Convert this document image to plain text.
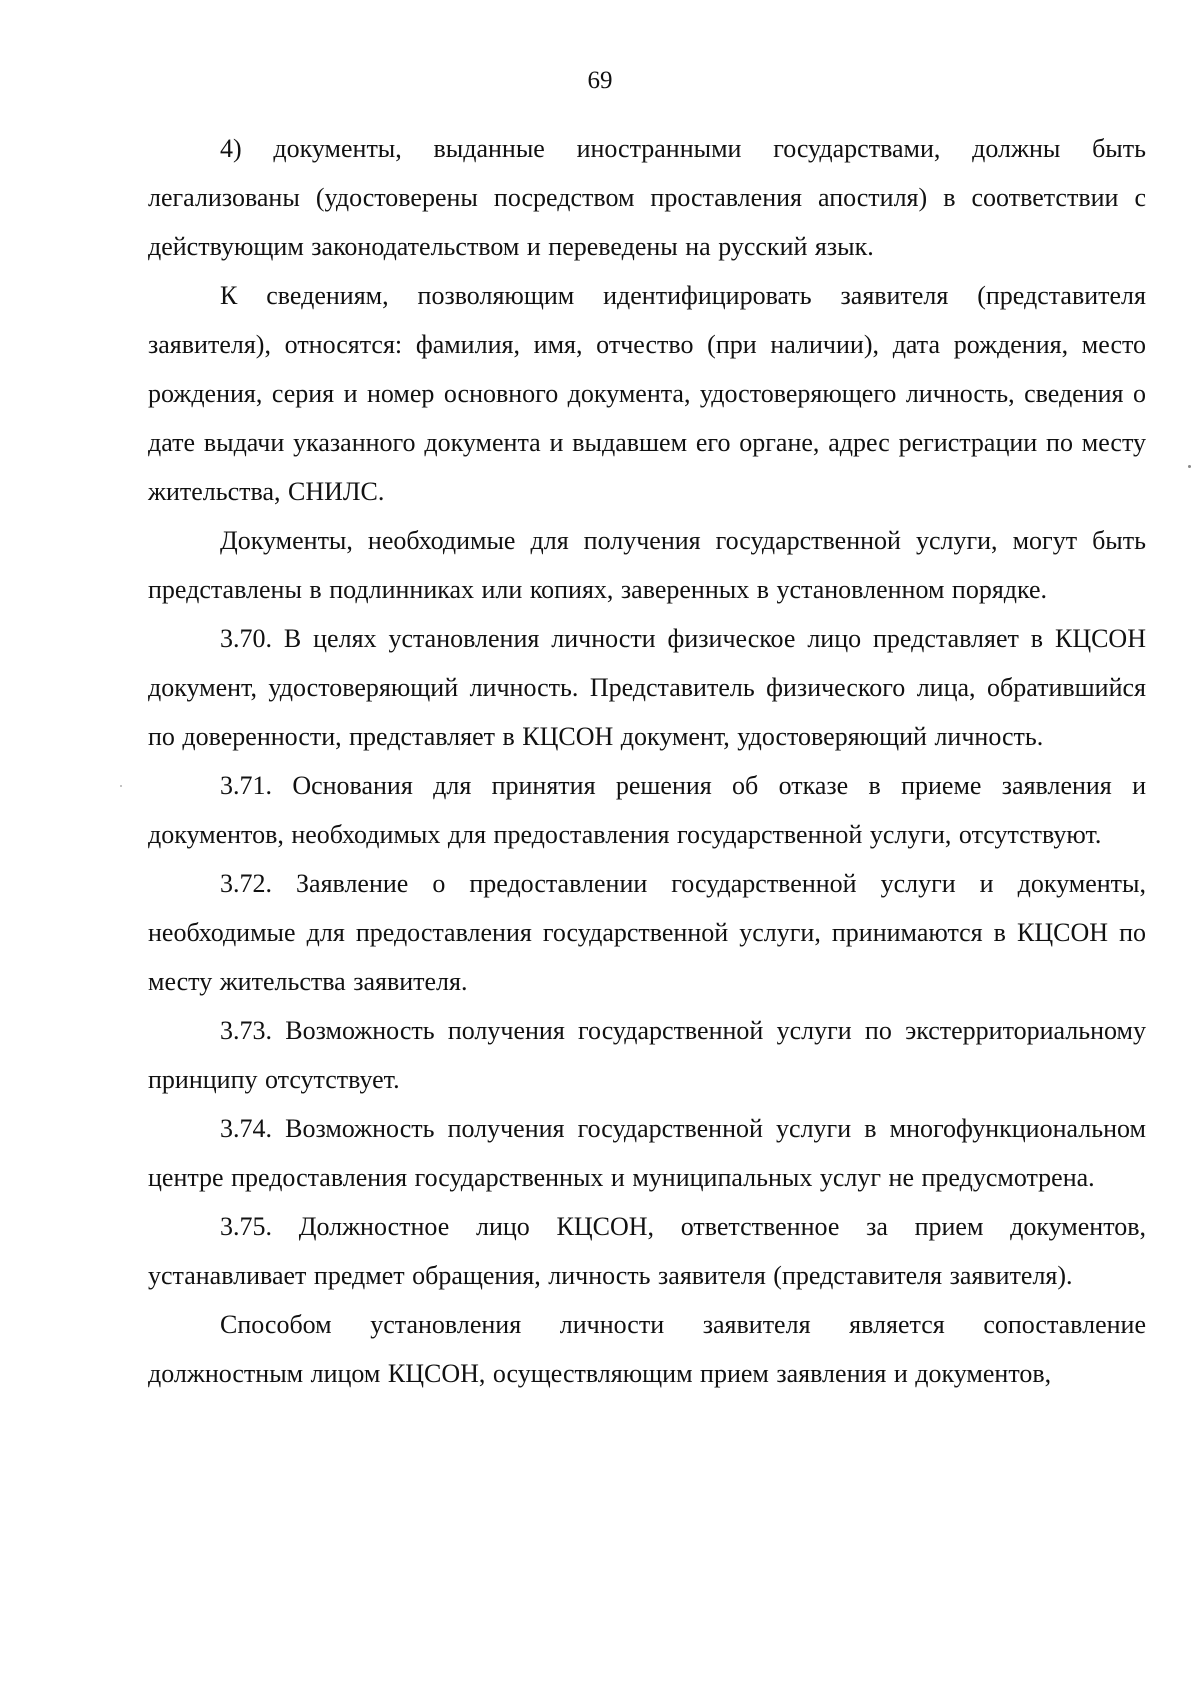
69

4) документы, выданные иностранными государствами, должны быть легализованы (удостоверены посредством проставления апостиля) в соответствии с действующим законодательством и переведены на русский язык.

К сведениям, позволяющим идентифицировать заявителя (представителя заявителя), относятся: фамилия, имя, отчество (при наличии), дата рождения, место рождения, серия и номер основного документа, удостоверяющего личность, сведения о дате выдачи указанного документа и выдавшем его органе, адрес регистрации по месту жительства, СНИЛС.

Документы, необходимые для получения государственной услуги, могут быть представлены в подлинниках или копиях, заверенных в установленном порядке.

3.70. В целях установления личности физическое лицо представляет в КЦСОН документ, удостоверяющий личность. Представитель физического лица, обратившийся по доверенности, представляет в КЦСОН документ, удостоверяющий личность.

3.71. Основания для принятия решения об отказе в приеме заявления и документов, необходимых для предоставления государственной услуги, отсутствуют.

3.72. Заявление о предоставлении государственной услуги и документы, необходимые для предоставления государственной услуги, принимаются в КЦСОН по месту жительства заявителя.

3.73. Возможность получения государственной услуги по экстерриториальному принципу отсутствует.

3.74. Возможность получения государственной услуги в многофункциональном центре предоставления государственных и муниципальных услуг не предусмотрена.

3.75. Должностное лицо КЦСОН, ответственное за прием документов, устанавливает предмет обращения, личность заявителя (представителя заявителя).

Способом установления личности заявителя является сопоставление должностным лицом КЦСОН, осуществляющим прием заявления и документов,
